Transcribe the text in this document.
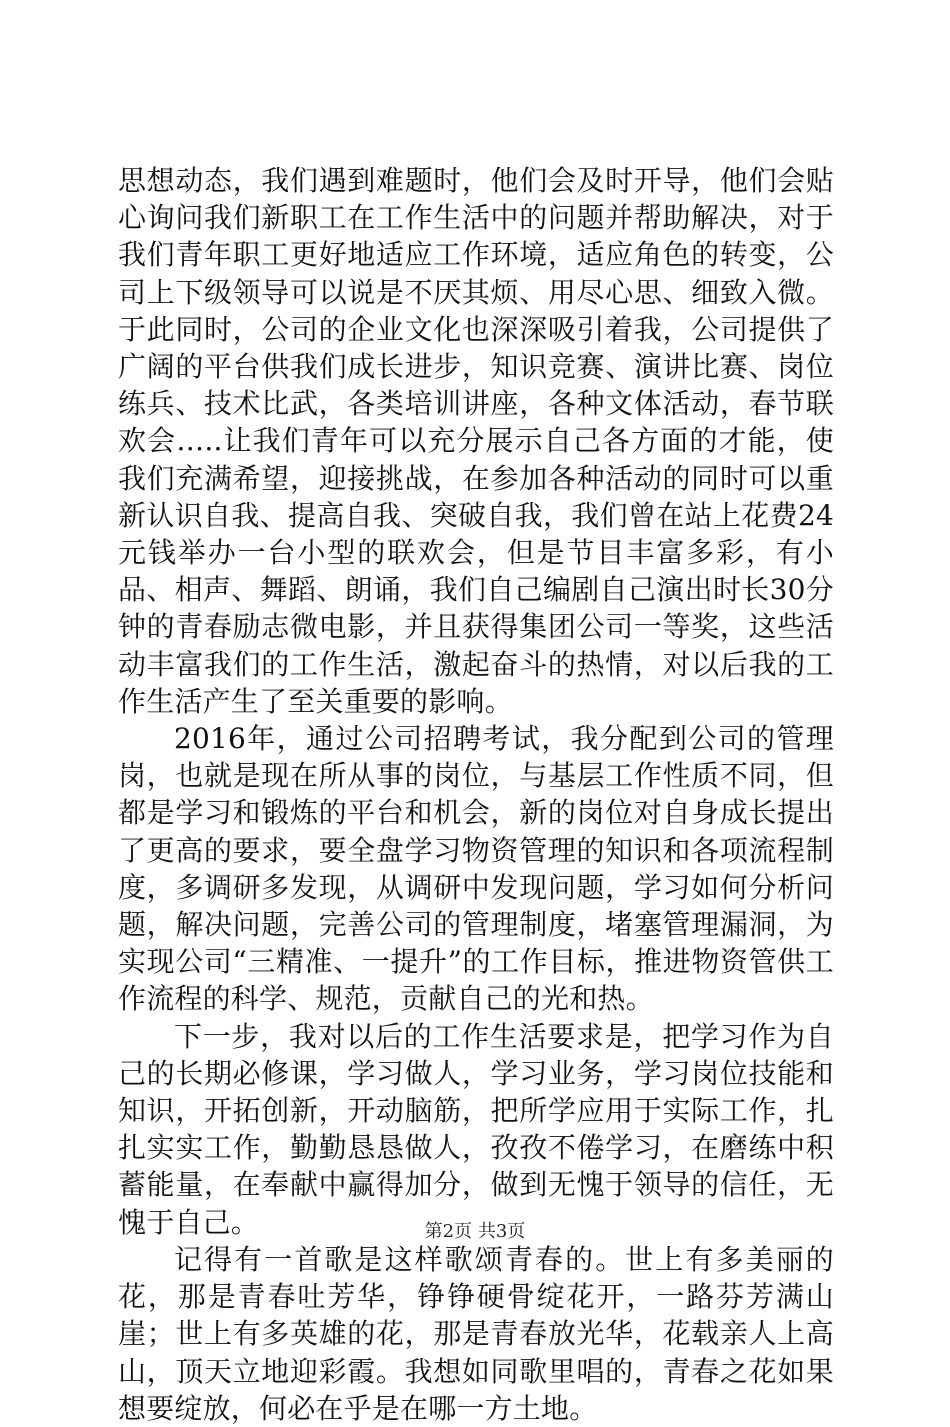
思想动态，我们遇到难题时，他们会及时开导，他们会贴心询问我们新职工在工作生活中的问题并帮助解决，对于我们青年职工更好地适应工作环境，适应角色的转变，公司上下级领导可以说是不厌其烦、用尽心思、细致入微。于此同时，公司的企业文化也深深吸引着我，公司提供了广阔的平台供我们成长进步，知识竞赛、演讲比赛、岗位练兵、技术比武，各类培训讲座，各种文体活动，春节联欢会…..让我们青年可以充分展示自己各方面的才能，使我们充满希望，迎接挑战，在参加各种活动的同时可以重新认识自我、提高自我、突破自我，我们曾在站上花费24元钱举办一台小型的联欢会，但是节目丰富多彩，有小品、相声、舞蹈、朗诵，我们自己编剧自己演出时长30分钟的青春励志微电影，并且获得集团公司一等奖，这些活动丰富我们的工作生活，激起奋斗的热情，对以后我的工作生活产生了至关重要的影响。

2016年，通过公司招聘考试，我分配到公司的管理岗，也就是现在所从事的岗位，与基层工作性质不同，但都是学习和锻炼的平台和机会，新的岗位对自身成长提出了更高的要求，要全盘学习物资管理的知识和各项流程制度，多调研多发现，从调研中发现问题，学习如何分析问题，解决问题，完善公司的管理制度，堵塞管理漏洞，为实现公司“三精准、一提升”的工作目标，推进物资管供工作流程的科学、规范，贡献自己的光和热。

下一步，我对以后的工作生活要求是，把学习作为自己的长期必修课，学习做人，学习业务，学习岗位技能和知识，开拓创新，开动脑筋，把所学应用于实际工作，扎扎实实工作，勤勤恳恳做人，孜孜不倦学习，在磨练中积蓄能量，在奉献中赢得加分，做到无愧于领导的信任，无愧于自己。

记得有一首歌是这样歌颂青春的。世上有多美丽的花，那是青春吐芳华，铮铮硬骨绽花开，一路芬芳满山崖；世上有多英雄的花，那是青春放光华，花载亲人上高山，顶天立地迎彩霞。我想如同歌里唱的，青春之花如果想要绽放，何必在乎是在哪一方土地。

第2页 共3页
